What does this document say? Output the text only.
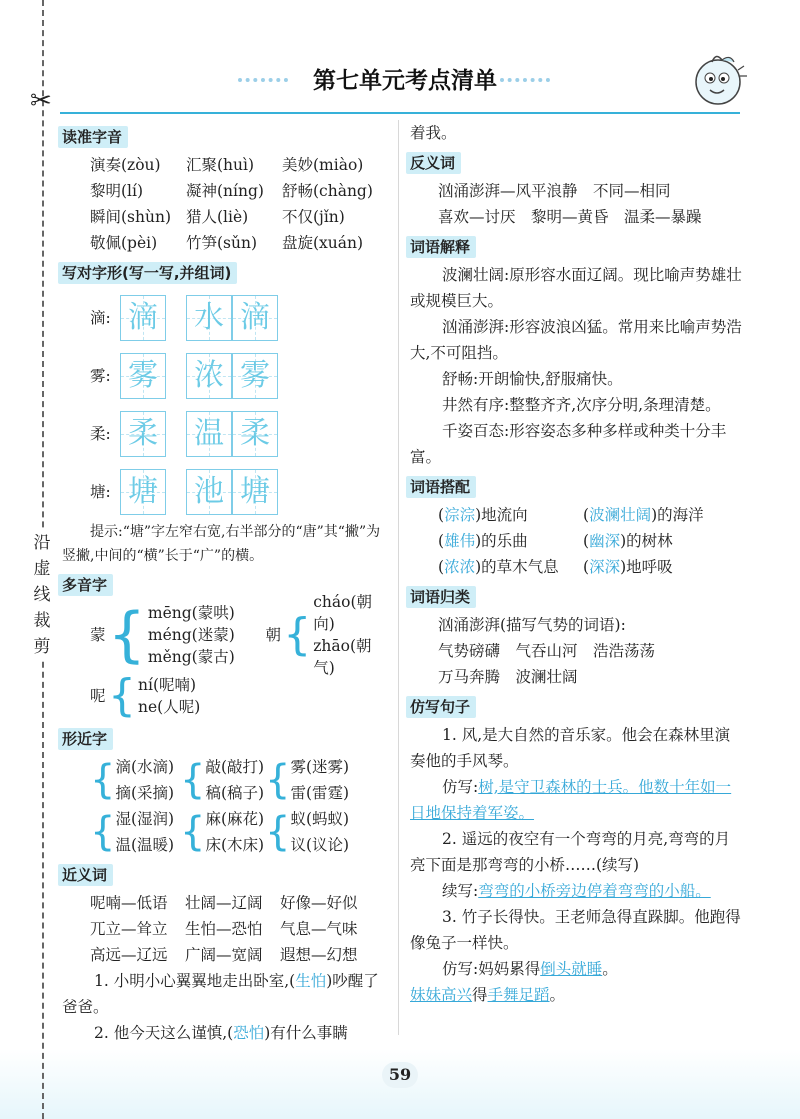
✂
沿
虚
线
裁
剪
第七单元考点清单
读准字音
演奏(zòu)	汇聚(huì)	美妙(miào)
黎明(lí)	凝神(níng)	舒畅(chàng)
瞬间(shùn) 猎人(liè)	不仅(jǐn)
敬佩(pèi)	竹笋(sǔn)	盘旋(xuán)
写对字形(写一写,并组词)
滴: 滴 水 滴
雾: 雾 浓 雾
柔: 柔 温 柔
塘: 塘 池 塘
提示:“塘”字左窄右宽,右半部分的“唐”其“撇”为竖撇,中间的“横”长于“广”的横。
多音字
蒙 { mēng(蒙哄)
méng(迷蒙)
měng(蒙古)
朝 {
cháo(朝向)
zhāo(朝气)
呢 { ní(呢喃)
ne(人呢)
形近字
{ 滴(水滴)
摘(采摘) { 敲(敲打)
稿(稿子) { 雾(迷雾)
雷(雷霆)
{ 湿(湿润)
温(温暖) { 麻(麻花)
床(木床) { 蚁(蚂蚁)
议(议论)
近义词
呢喃—低语	壮阔—辽阔	好像—好似
兀立—耸立	生怕—恐怕	气息—气味
高远—辽远	广阔—宽阔	遐想—幻想
1. 小明小心翼翼地走出卧室,(生怕)吵醒了爸爸。
2. 他今天这么谨慎,(恐怕)有什么事瞒
着我。
反义词
汹涌澎湃—风平浪静　不同—相同
喜欢—讨厌　黎明—黄昏　温柔—暴躁
词语解释
波澜壮阔:原形容水面辽阔。现比喻声势雄壮或规模巨大。
汹涌澎湃:形容波浪凶猛。常用来比喻声势浩大,不可阻挡。
舒畅:开朗愉快,舒服痛快。
井然有序:整整齐齐,次序分明,条理清楚。
千姿百态:形容姿态多种多样或种类十分丰富。
词语搭配
(淙淙)地流向	(波澜壮阔)的海洋
(雄伟)的乐曲	(幽深)的树林
(浓浓)的草木气息 (深深)地呼吸
词语归类
汹涌澎湃(描写气势的词语):
气势磅礴　气吞山河　浩浩荡荡
万马奔腾　波澜壮阔
仿写句子
1. 风,是大自然的音乐家。他会在森林里演奏他的手风琴。
仿写:树,是守卫森林的士兵。他数十年如一日地保持着军姿。
2. 遥远的夜空有一个弯弯的月亮,弯弯的月亮下面是那弯弯的小桥……(续写)
续写:弯弯的小桥旁边停着弯弯的小船。
3. 竹子长得快。王老师急得直跺脚。他跑得像兔子一样快。
仿写:妈妈累得倒头就睡。
妹妹高兴得手舞足蹈。
59
